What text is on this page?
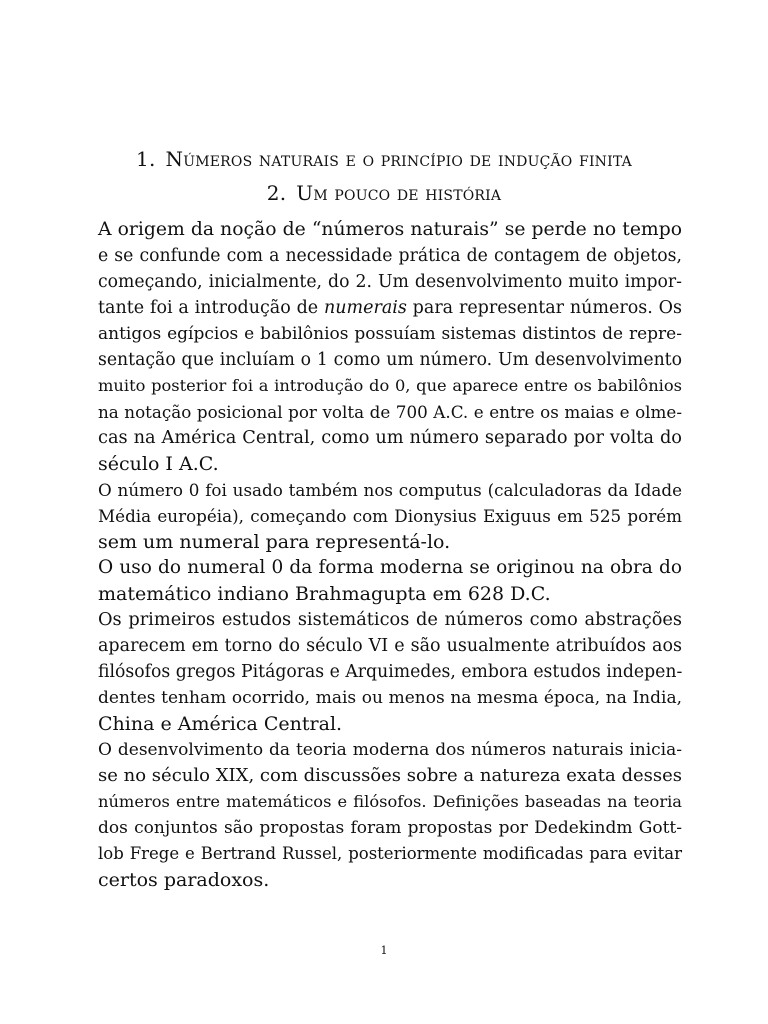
1. Números naturais e o princípio de indução finita
2. Um pouco de história

A origem da noção de “números naturais” se perde no tempo
e se confunde com a necessidade prática de contagem de objetos,
começando, inicialmente, do 2. Um desenvolvimento muito impor-
tante foi a introdução de numerais para representar números. Os
antigos egípcios e babilônios possuíam sistemas distintos de repre-
sentação que incluíam o 1 como um número. Um desenvolvimento
muito posterior foi a introdução do 0, que aparece entre os babilônios
na notação posicional por volta de 700 A.C. e entre os maias e olme-
cas na América Central, como um número separado por volta do
século I A.C.

O número 0 foi usado também nos computus (calculadoras da Idade
Média européia), começando com Dionysius Exiguus em 525 porém
sem um numeral para representá-lo.

O uso do numeral 0 da forma moderna se originou na obra do
matemático indiano Brahmagupta em 628 D.C.

Os primeiros estudos sistemáticos de números como abstrações
aparecem em torno do século VI e são usualmente atribuídos aos
filósofos gregos Pitágoras e Arquimedes, embora estudos indepen-
dentes tenham ocorrido, mais ou menos na mesma época, na India,
China e América Central.

O desenvolvimento da teoria moderna dos números naturais inicia-
se no século XIX, com discussões sobre a natureza exata desses
números entre matemáticos e filósofos. Definições baseadas na teoria
dos conjuntos são propostas foram propostas por Dedekindm Gott-
lob Frege e Bertrand Russel, posteriormente modificadas para evitar
certos paradoxos.

1
